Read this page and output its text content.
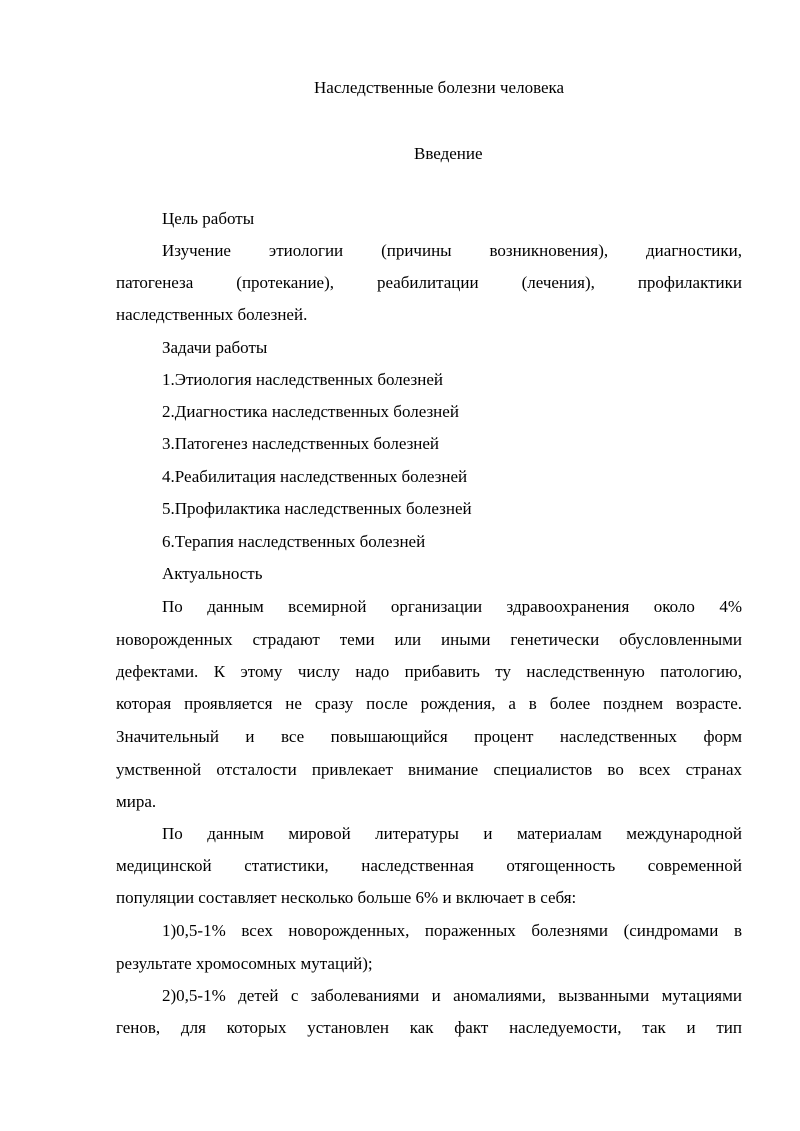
Наследственные болезни человека
Введение
Цель работы
Изучение этиологии (причины возникновения), диагностики,
патогенеза (протекание), реабилитации (лечения), профилактики
наследственных болезней.
Задачи работы
1.Этиология наследственных болезней
2.Диагностика наследственных болезней
3.Патогенез наследственных болезней
4.Реабилитация наследственных болезней
5.Профилактика наследственных болезней
6.Терапия наследственных болезней
Актуальность
По данным всемирной организации здравоохранения около 4%
новорожденных страдают теми или иными генетически обусловленными
дефектами. К этому числу надо прибавить ту наследственную патологию,
которая проявляется не сразу после рождения, а в более позднем возрасте.
Значительный и все повышающийся процент наследственных форм
умственной отсталости привлекает внимание специалистов во всех странах
мира.
По данным мировой литературы и материалам международной
медицинской статистики, наследственная отягощенность современной
популяции составляет несколько больше 6% и включает в себя:
1)0,5-1% всех новорожденных, пораженных болезнями (синдромами в
результате хромосомных мутаций);
2)0,5-1% детей с заболеваниями и аномалиями, вызванными мутациями
генов, для которых установлен как факт наследуемости, так и тип
